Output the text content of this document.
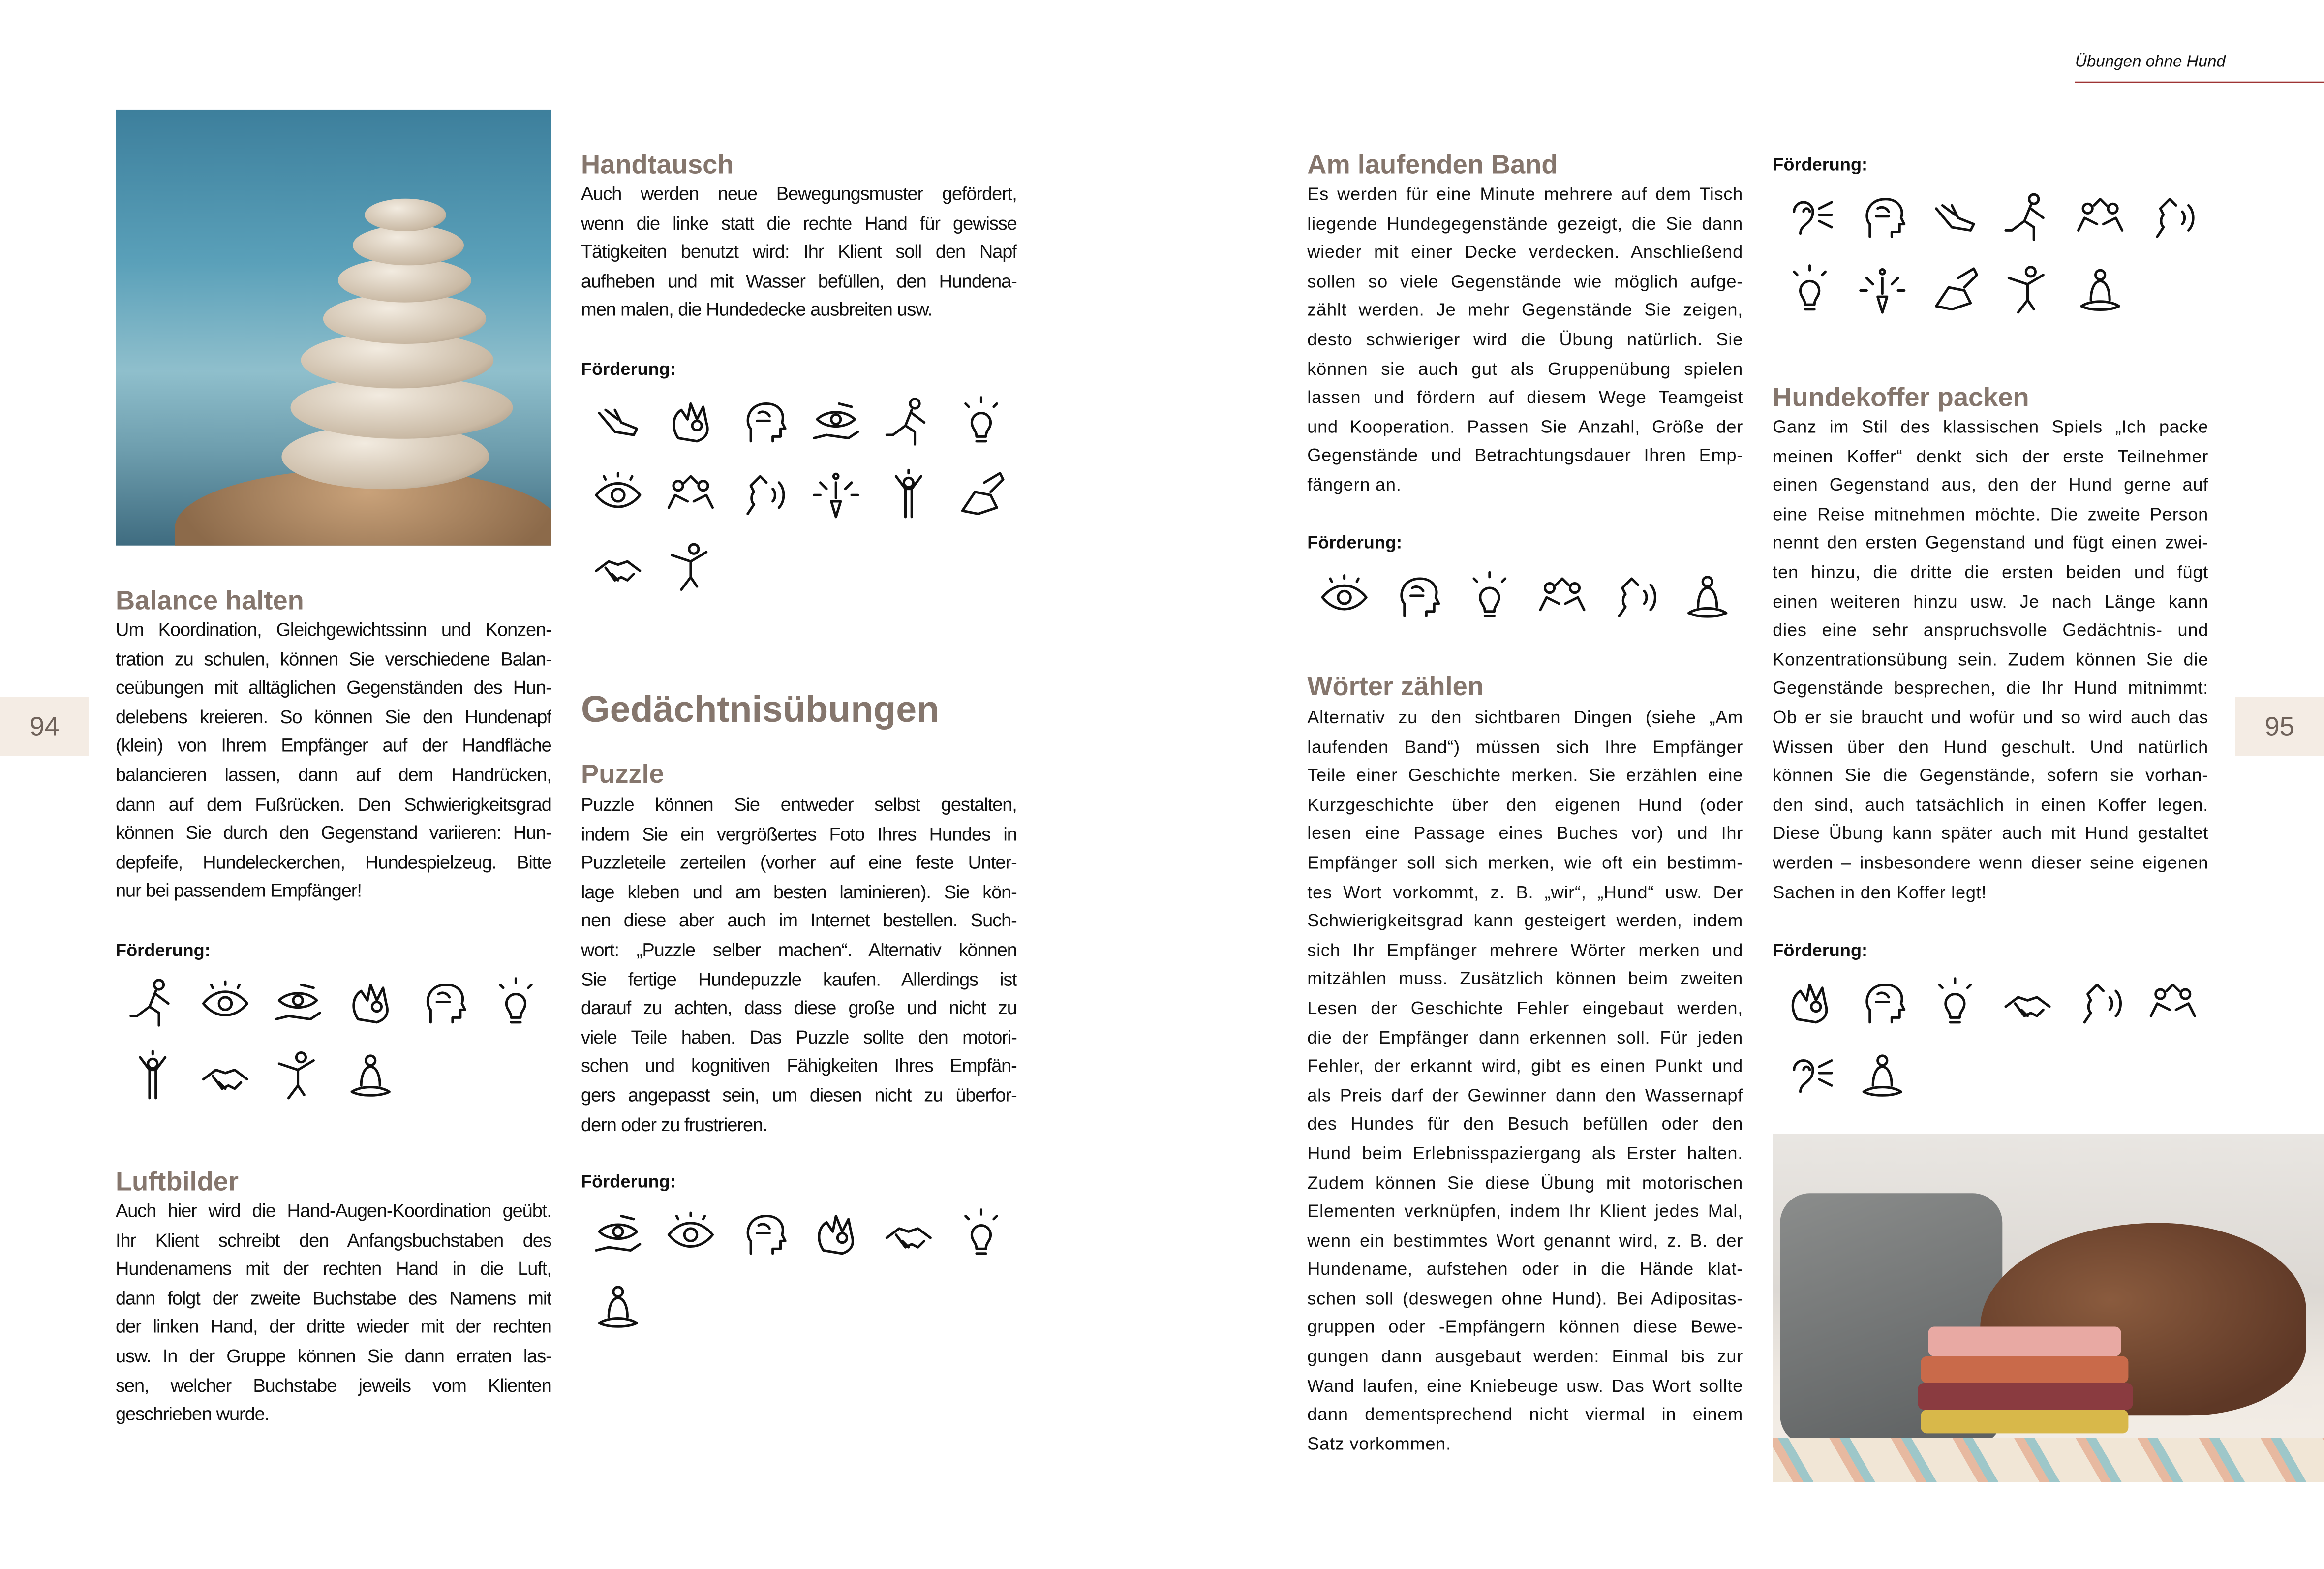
Übungen ohne Hund
94	95
Balance halten
Um Koordination, Gleichgewichtssinn und Konzen-
tration zu schulen, können Sie verschiedene Balan-
ceübungen mit alltäglichen Gegenständen des Hun-
delebens kreieren. So können Sie den Hundenapf
(klein) von Ihrem Empfänger auf der Handfläche
balancieren lassen, dann auf dem Handrücken,
dann auf dem Fußrücken. Den Schwierigkeitsgrad
können Sie durch den Gegenstand variieren: Hun-
depfeife, Hundeleckerchen, Hundespielzeug. Bitte
nur bei passendem Empfänger!
Förderung:
Luftbilder
Auch hier wird die Hand-Augen-Koordination geübt.
Ihr Klient schreibt den Anfangsbuchstaben des
Hundenamens mit der rechten Hand in die Luft,
dann folgt der zweite Buchstabe des Namens mit
der linken Hand, der dritte wieder mit der rechten
usw. In der Gruppe können Sie dann erraten las-
sen, welcher Buchstabe jeweils vom Klienten
geschrieben wurde.
Handtausch
Auch werden neue Bewegungsmuster gefördert,
wenn die linke statt die rechte Hand für gewisse
Tätigkeiten benutzt wird: Ihr Klient soll den Napf
aufheben und mit Wasser befüllen, den Hundena-
men malen, die Hundedecke ausbreiten usw.
Förderung:
Gedächtnisübungen
Puzzle
Puzzle können Sie entweder selbst gestalten,
indem Sie ein vergrößertes Foto Ihres Hundes in
Puzzleteile zerteilen (vorher auf eine feste Unter-
lage kleben und am besten laminieren). Sie kön-
nen diese aber auch im Internet bestellen. Such-
wort: „Puzzle selber machen“. Alternativ können
Sie fertige Hundepuzzle kaufen. Allerdings ist
darauf zu achten, dass diese große und nicht zu
viele Teile haben. Das Puzzle sollte den motori-
schen und kognitiven Fähigkeiten Ihres Empfän-
gers angepasst sein, um diesen nicht zu überfor-
dern oder zu frustrieren.
Förderung:
Am laufenden Band
Es werden für eine Minute mehrere auf dem Tisch
liegende Hundegegenstände gezeigt, die Sie dann
wieder mit einer Decke verdecken. Anschließend
sollen so viele Gegenstände wie möglich aufge-
zählt werden. Je mehr Gegenstände Sie zeigen,
desto schwieriger wird die Übung natürlich. Sie
können sie auch gut als Gruppenübung spielen
lassen und fördern auf diesem Wege Teamgeist
und Kooperation. Passen Sie Anzahl, Größe der
Gegenstände und Betrachtungsdauer Ihren Emp-
fängern an.
Förderung:
Wörter zählen
Alternativ zu den sichtbaren Dingen (siehe „Am
laufenden Band“) müssen sich Ihre Empfänger
Teile einer Geschichte merken. Sie erzählen eine
Kurzgeschichte über den eigenen Hund (oder
lesen eine Passage eines Buches vor) und Ihr
Empfänger soll sich merken, wie oft ein bestimm-
tes Wort vorkommt, z. B. „wir“, „Hund“ usw. Der
Schwierigkeitsgrad kann gesteigert werden, indem
sich Ihr Empfänger mehrere Wörter merken und
mitzählen muss. Zusätzlich können beim zweiten
Lesen der Geschichte Fehler eingebaut werden,
die der Empfänger dann erkennen soll. Für jeden
Fehler, der erkannt wird, gibt es einen Punkt und
als Preis darf der Gewinner dann den Wassernapf
des Hundes für den Besuch befüllen oder den
Hund beim Erlebnisspaziergang als Erster halten.
Zudem können Sie diese Übung mit motorischen
Elementen verknüpfen, indem Ihr Klient jedes Mal,
wenn ein bestimmtes Wort genannt wird, z. B. der
Hundename, aufstehen oder in die Hände klat-
schen soll (deswegen ohne Hund). Bei Adipositas-
gruppen oder -Empfängern können diese Bewe-
gungen dann ausgebaut werden: Einmal bis zur
Wand laufen, eine Kniebeuge usw. Das Wort sollte
dann dementsprechend nicht viermal in einem
Satz vorkommen.
Förderung:
Hundekoffer packen
Ganz im Stil des klassischen Spiels „Ich packe
meinen Koffer“ denkt sich der erste Teilnehmer
einen Gegenstand aus, den der Hund gerne auf
eine Reise mitnehmen möchte. Die zweite Person
nennt den ersten Gegenstand und fügt einen zwei-
ten hinzu, die dritte die ersten beiden und fügt
einen weiteren hinzu usw. Je nach Länge kann
dies eine sehr anspruchsvolle Gedächtnis- und
Konzentrationsübung sein. Zudem können Sie die
Gegenstände besprechen, die Ihr Hund mitnimmt:
Ob er sie braucht und wofür und so wird auch das
Wissen über den Hund geschult. Und natürlich
können Sie die Gegenstände, sofern sie vorhan-
den sind, auch tatsächlich in einen Koffer legen.
Diese Übung kann später auch mit Hund gestaltet
werden – insbesondere wenn dieser seine eigenen
Sachen in den Koffer legt!
Förderung:
